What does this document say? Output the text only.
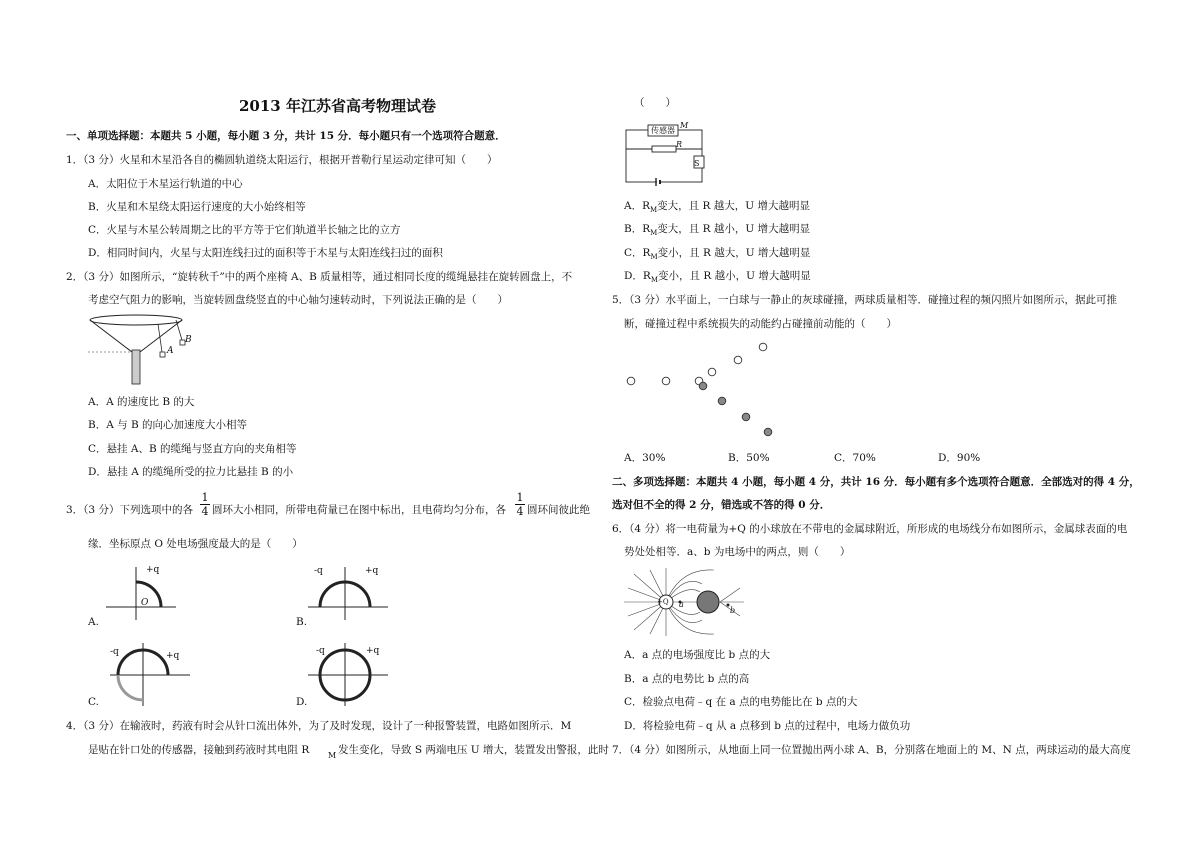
2013 年江苏省高考物理试卷
一、单项选择题：本题共 5 小题，每小题 3 分，共计 15 分．每小题只有一个选项符合题意．
1．（3 分）火星和木星沿各自的椭圆轨道绕太阳运行，根据开普勒行星运动定律可知（　　）
A．太阳位于木星运行轨道的中心
B．火星和木星绕太阳运行速度的大小始终相等
C．火星与木星公转周期之比的平方等于它们轨道半长轴之比的立方
D．相同时间内，火星与太阳连线扫过的面积等于木星与太阳连线扫过的面积
2．（3 分）如图所示，“旋转秋千”中的两个座椅 A、B 质量相等，通过相同长度的缆绳悬挂在旋转圆盘上，不
考虑空气阻力的影响，当旋转圆盘绕竖直的中心轴匀速转动时，下列说法正确的是（　　）
A
B
A．A 的速度比 B 的大
B．A 与 B 的向心加速度大小相等
C．悬挂 A、B 的缆绳与竖直方向的夹角相等
D．悬挂 A 的缆绳所受的拉力比悬挂 B 的小
3．（3 分）下列选项中的各
1
4 圆环大小相同，所带电荷量已在图中标出，且电荷均匀分布，各
1
4 圆环间彼此绝
缘．坐标原点 O 处电场强度最大的是（　　）
A.
+q
O
B.
-q	+q
C.
-q	+q
D.
-q	+q
4．（3 分）在输液时，药液有时会从针口流出体外，为了及时发现，设计了一种报警装置，电路如图所示．M
是贴在针口处的传感器，接触到药液时其电阻 R M 发生变化，导致 S 两端电压 U 增大，装置发出警报，此时
（　　）
传感器
M
R
S
A．$R_M$变大，且 R 越大，U 增大越明显
B．$R_M$变大，且 R 越小，U 增大越明显
C．$R_M$变小，且 R 越大，U 增大越明显
D．$R_M$变小，且 R 越小，U 增大越明显
5．（3 分）水平面上，一白球与一静止的灰球碰撞，两球质量相等．碰撞过程的频闪照片如图所示，据此可推
断，碰撞过程中系统损失的动能约占碰撞前动能的（　　）
A．30%	B．50%	C．70%	D．90%
二、多项选择题：本题共 4 小题，每小题 4 分，共计 16 分．每小题有多个选项符合题意．全部选对的得 4 分，
选对但不全的得 2 分，错选或不答的得 0 分．
6．（4 分）将一电荷量为+Q 的小球放在不带电的金属球附近，所形成的电场线分布如图所示，金属球表面的电
势处处相等．a、b 为电场中的两点，则（　　）
+Q a
b
A．a 点的电场强度比 b 点的大
B．a 点的电势比 b 点的高
C．检验点电荷﹣q 在 a 点的电势能比在 b 点的大
D．将检验电荷﹣q 从 a 点移到 b 点的过程中，电场力做负功
7．（4 分）如图所示，从地面上同一位置抛出两小球 A、B，分别落在地面上的 M、N 点，两球运动的最大高度
